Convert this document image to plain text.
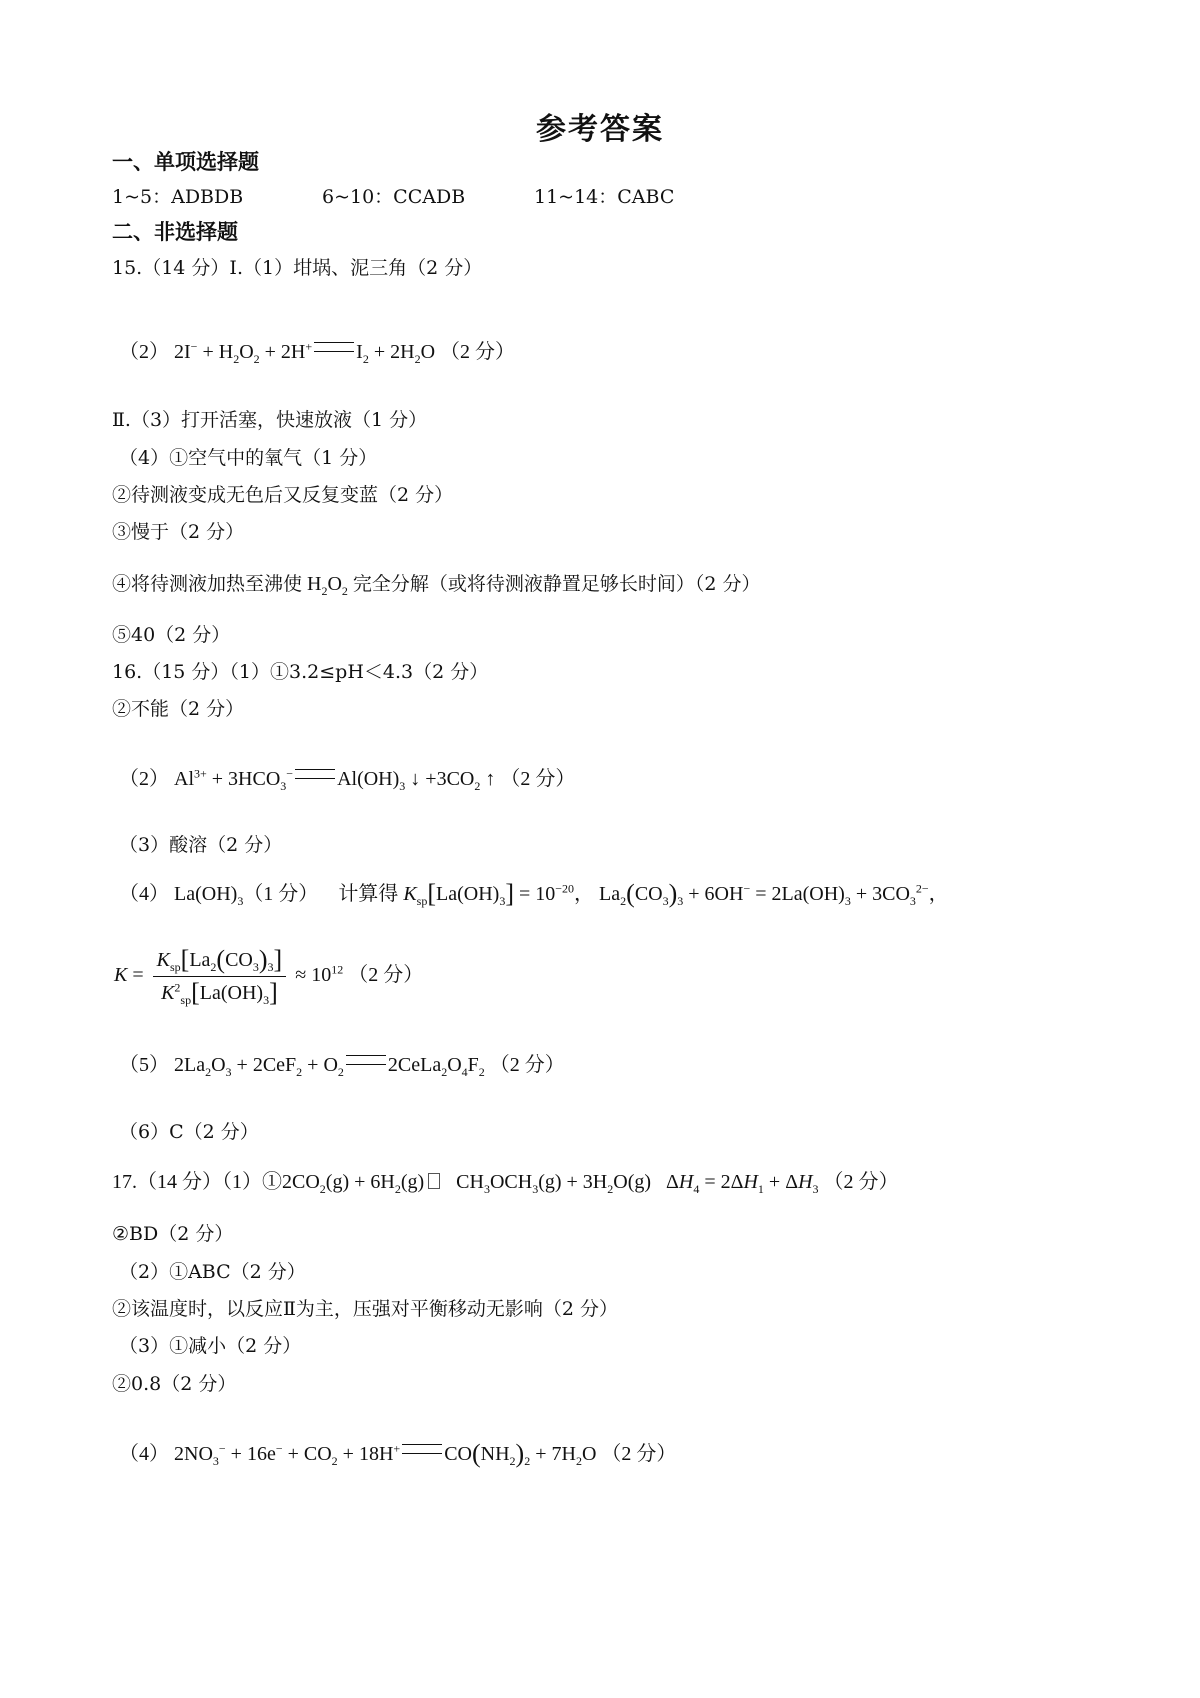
参考答案
一、单项选择题
1~5：ADBDB	6~10：CCADB	11~14：CABC
二、非选择题
15.（14 分）Ⅰ.（1）坩埚、泥三角（2 分）
（2） $2I^- + H_2O_2 + 2H^+$ $I_2 + 2H_2O$ （2 分）
Ⅱ.（3）打开活塞，快速放液（1 分）
（4）①空气中的氧气（1 分）
②待测液变成无色后又反复变蓝（2 分）
③慢于（2 分）
④将待测液加热至沸使 $H_2O_2$ 完全分解（或将待测液静置足够长时间）（2 分）
⑤40（2 分）
16.（15 分）（1）①3.2≤pH＜4.3（2 分）
②不能（2 分）
（2） $Al^{3+} + 3HCO_3^-$ $Al(OH)_3$ ↓ $+3CO_2$ ↑ （2 分）
（3）酸溶（2 分）
（4） $La(OH)_3(1$ 分） 计算得 $K_{sp}[La(OH)_3] = 10^{-20}$， $La_2(CO_3)_3 + 6OH^- = 2La(OH)_3 + 3CO_3^{2-}$，
$K = \frac{K_{sp}[La_2(CO_3)_3]}{K^2_{sp}[La(OH)_3]} \approx 10^{12}$ （2 分）
（5） $2La_2O_3 + 2CeF_2 + O_2$ $2CeLa_2O_4F_2$ （2 分）
（6）C（2 分）
17.（14 分）$(1)①2CO_2(g) + 6H_2(g) CH_3OCH_3(g) + 3H_2O(g) \Delta H_4 = 2\Delta H_1 + \Delta H_3$ （2 分）
②BD（2 分）
（2）①ABC（2 分）
②该温度时，以反应Ⅱ为主，压强对平衡移动无影响（2 分）
（3）①减小（2 分）
②0.8（2 分）
（4） $2NO_3^- + 16e^- + CO_2 + 18H^+$ $CO(NH_2)_2 + 7H_2O$ （2 分）
